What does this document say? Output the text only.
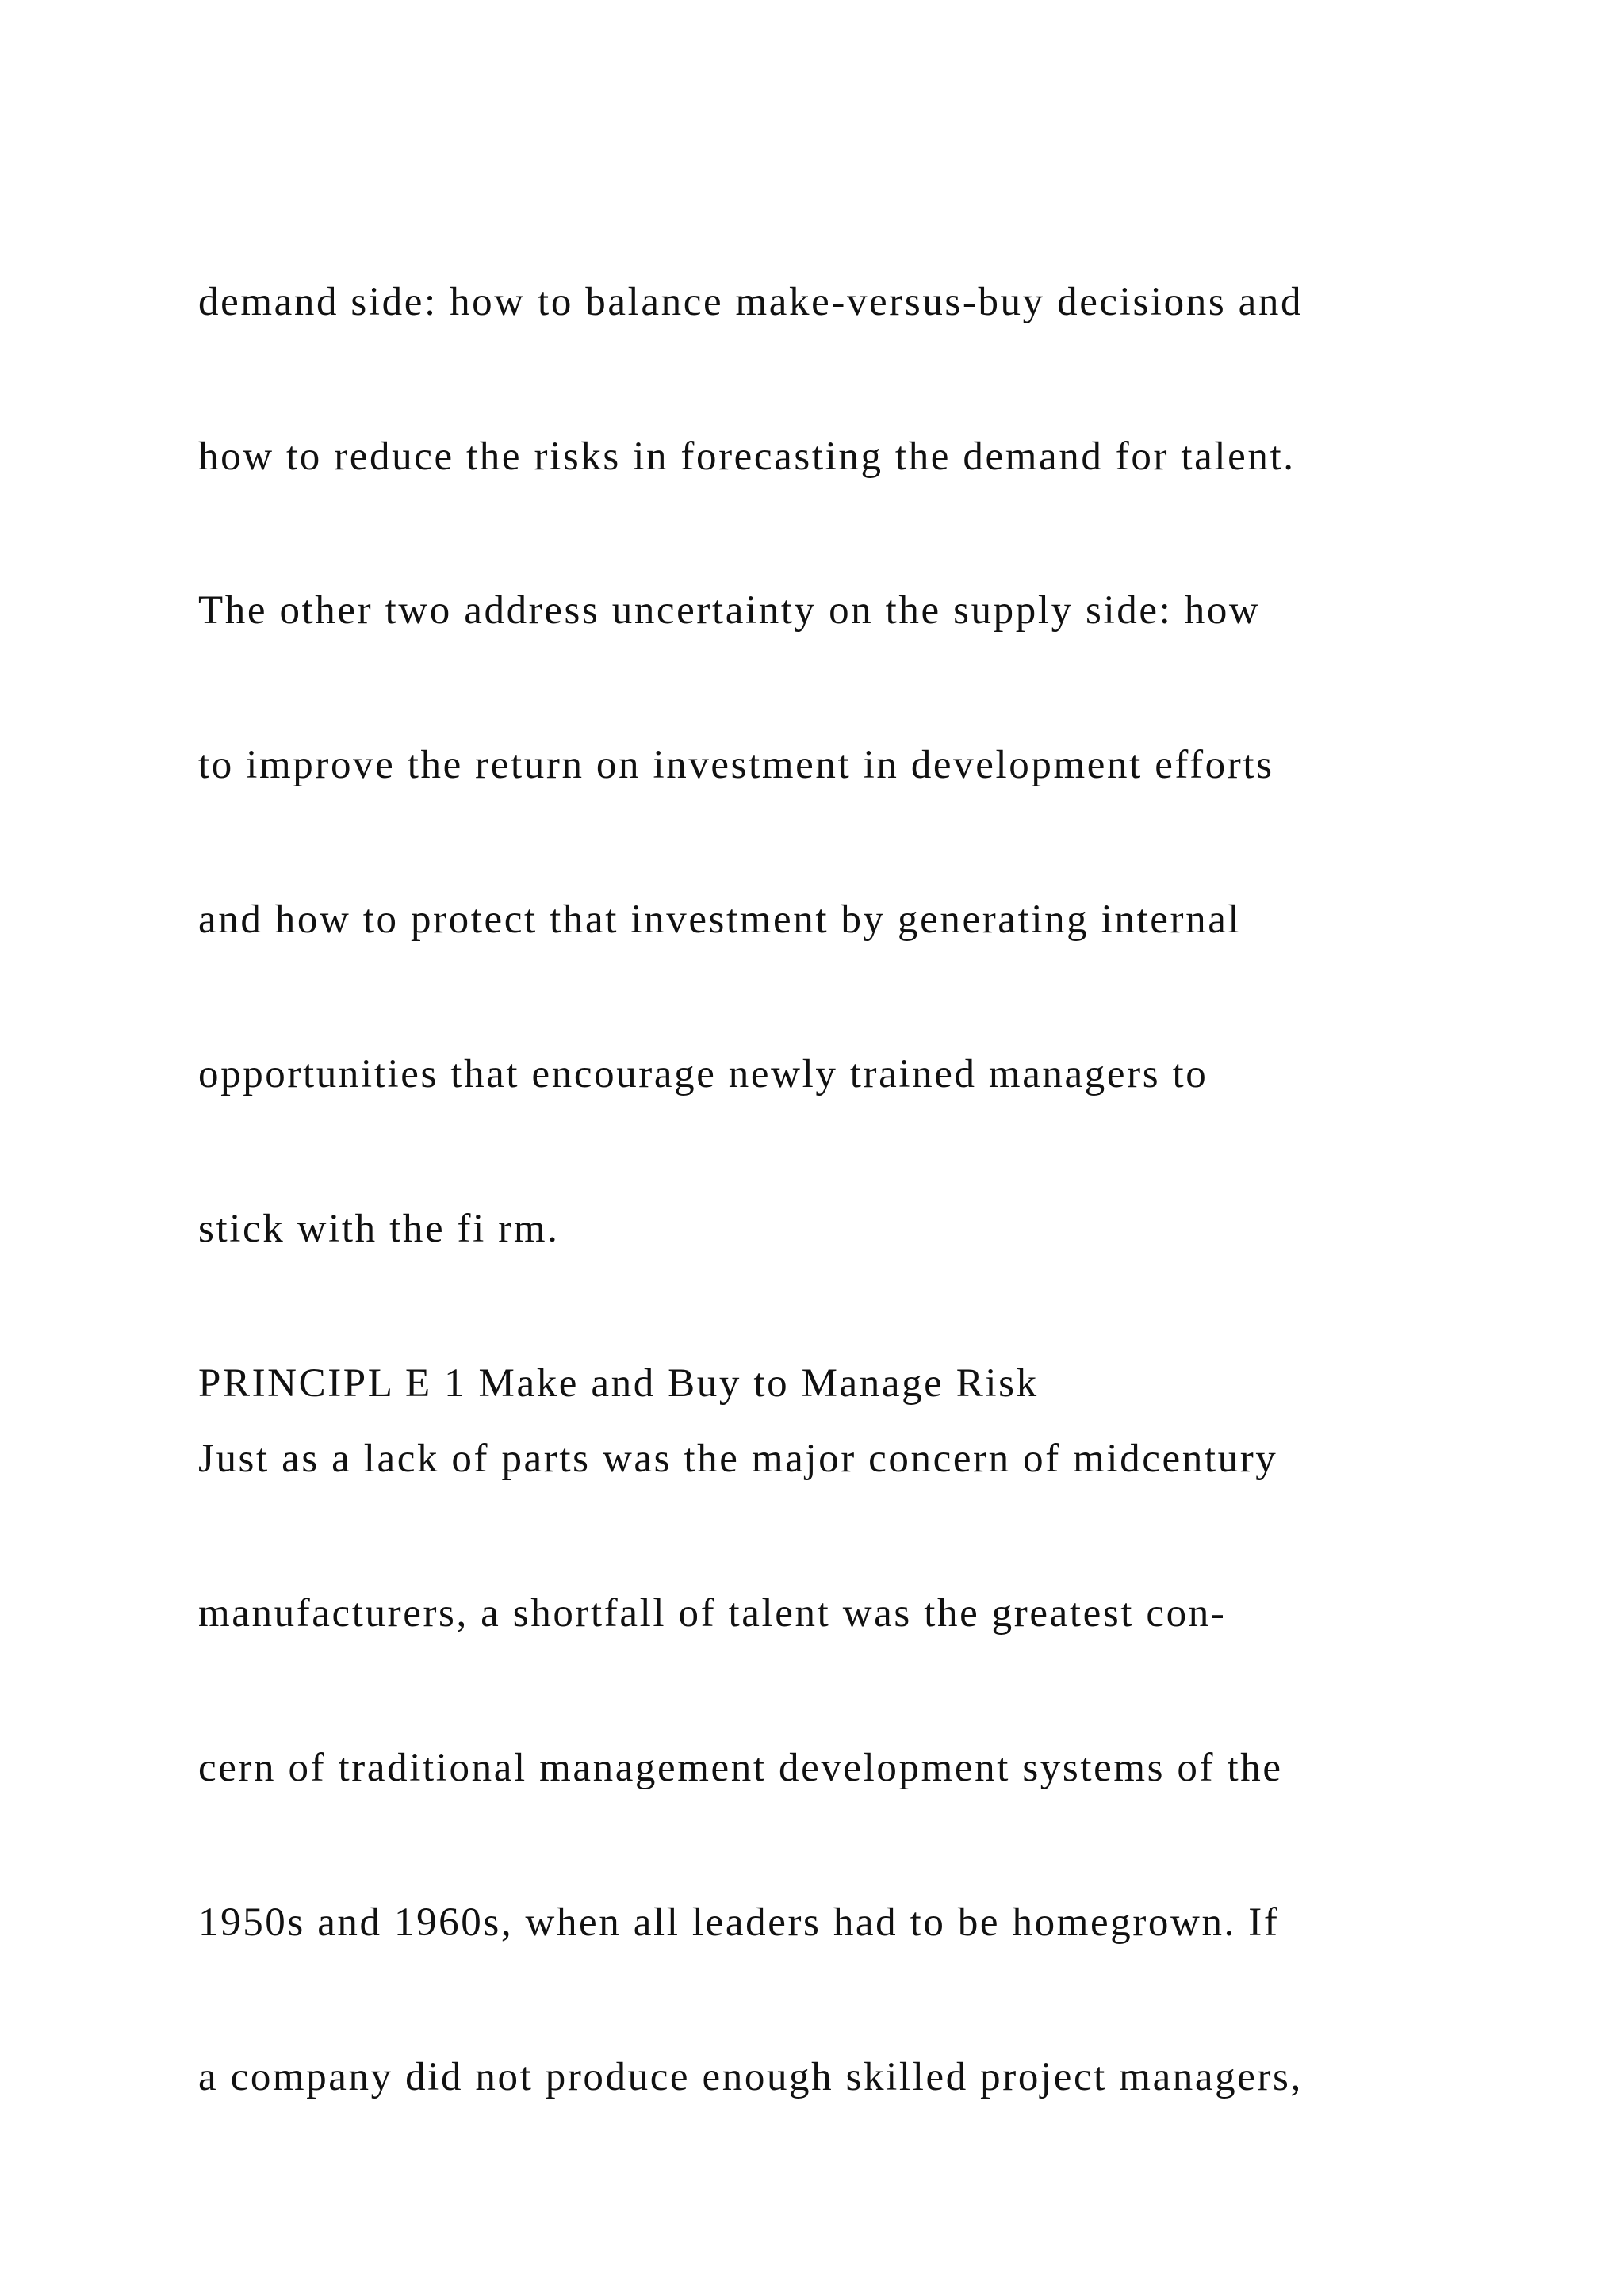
demand side: how to balance make-versus-buy decisions and

how to reduce the risks in forecasting the demand for talent.

The other two address uncertainty on the supply side: how

to improve the return on investment in development efforts

and how to protect that investment by generating internal

opportunities that encourage newly trained managers to

stick with the fi rm.

PRINCIPL E 1 Make and Buy to Manage Risk

Just as a lack of parts was the major concern of midcentury

manufacturers, a shortfall of talent was the greatest con-

cern of traditional management development systems of the

1950s and 1960s, when all leaders had to be homegrown. If

a company did not produce enough skilled project managers,
